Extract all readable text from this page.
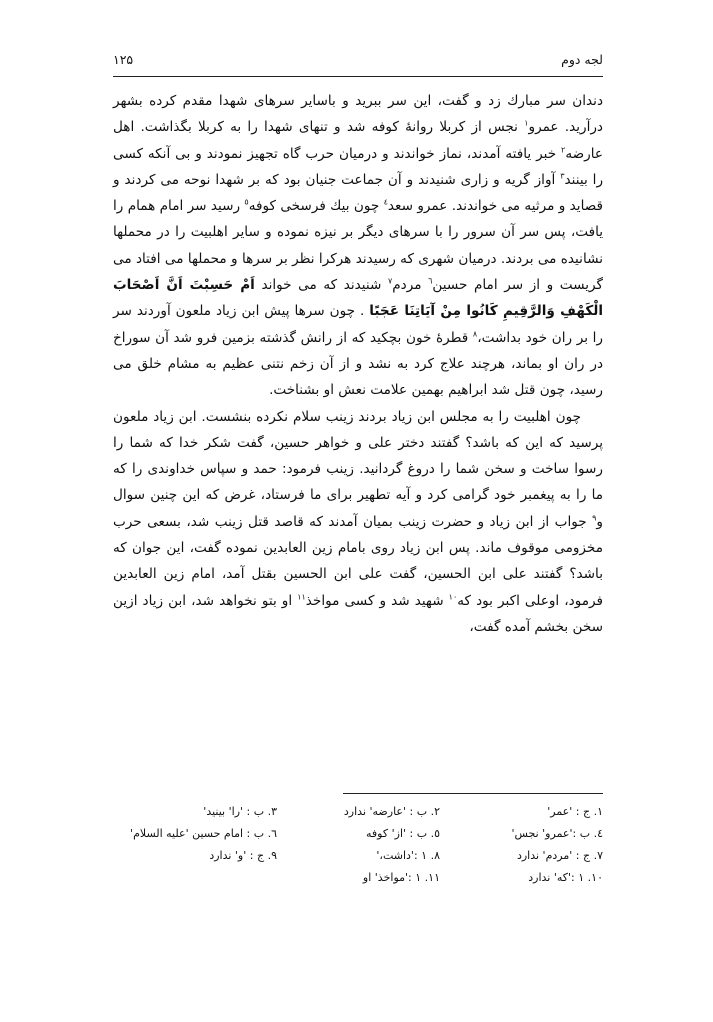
۱۲۵	لجه دوم

دندان سر مبارك زد و گفت، این سر ببرید و باسایر سرهای شهدا مقدم کرده بشهر درآرید. عمرو$^۱$ نجس از کربلا روانهٔ کوفه شد و تنهای شهدا را به کربلا بگذاشت. اهل عارضه$^۲$ خبر یافته آمدند، نماز خواندند و درمیان حرب گاه تجهیز نمودند و بی آنکه کسی را بینند$^۳$ آواز گریه و زاری شنیدند و آن جماعت جنیان بود که بر شهدا نوحه می کردند و قصاید و مرثیه می خواندند. عمرو سعد$^٤$ چون بیك فرسخی کوفه$^٥$ رسید سر امام همام را یافت، پس سر آن سرور را با سرهای دیگر بر نیزه نموده و سایر اهلبیت را در محملها نشانیده می بردند. درمیان شهری که رسیدند هرکرا نظر بر سرها و محملها می افتاد می گریست و از سر امام حسین$^٦$ مردم$^۷$ شنیدند که می خواند اَمْ حَسِبْتَ اَنَّ اَصْحَابَ الْكَهْفِ وَالرَّقِيمِ كَانُوا مِنْ آيَاتِنَا عَجَبًا . چون سرها پیش ابن زیاد ملعون آوردند سر را بر ران خود بداشت،$^۸$ قطرهٔ خون بچکید که از رانش گذشته بزمین فرو شد آن سوراخ در ران او بماند، هرچند علاج کرد به نشد و از آن زخم نتنی عظیم به مشام خلق می رسید، چون قتل شد ابراهیم بهمین علامت نعش او بشناخت.

چون اهلبیت را به مجلس ابن زیاد بردند زینب سلام نکرده بنشست. ابن زیاد ملعون پرسید که این که باشد؟ گفتند دختر علی و خواهر حسین، گفت شکر خدا که شما را رسوا ساخت و سخن شما را دروغ گردانید. زینب فرمود: حمد و سپاس خداوندی را که ما را به پیغمبر خود گرامی کرد و آیه تطهیر برای ما فرستاد، غرض که این چنین سوال و$^۹$ جواب از ابن زیاد و حضرت زینب بمیان آمدند که قاصد قتل زینب شد، بسعی حرب مخزومی موقوف ماند. پس ابن زیاد روی بامام زین العابدین نموده گفت، این جوان که باشد؟ گفتند علی ابن الحسین، گفت علی ابن الحسین بقتل آمد، امام زین العابدین فرمود، اوعلی اکبر بود که$^{۱۰}$ شهید شد و کسی مواخذ$^{۱۱}$ او بتو نخواهد شد، ابن زیاد ازین سخن بخشم آمده گفت،

۱. ج : 'عمر'
۲. ب : 'عارضه' ندارد
۳. ب : 'را' بینید'
٤. ب :'عمرو' نجس'
٥. ب : 'از' کوفه
٦. ب : امام حسین 'علیه السلام'
۷. ج : 'مردم' ندارد
۸. ۱ :'داشت،'
۹. ج : 'و' ندارد
۱۰. ۱ :'که' ندارد
۱۱. ۱ :'مواخذ' او
